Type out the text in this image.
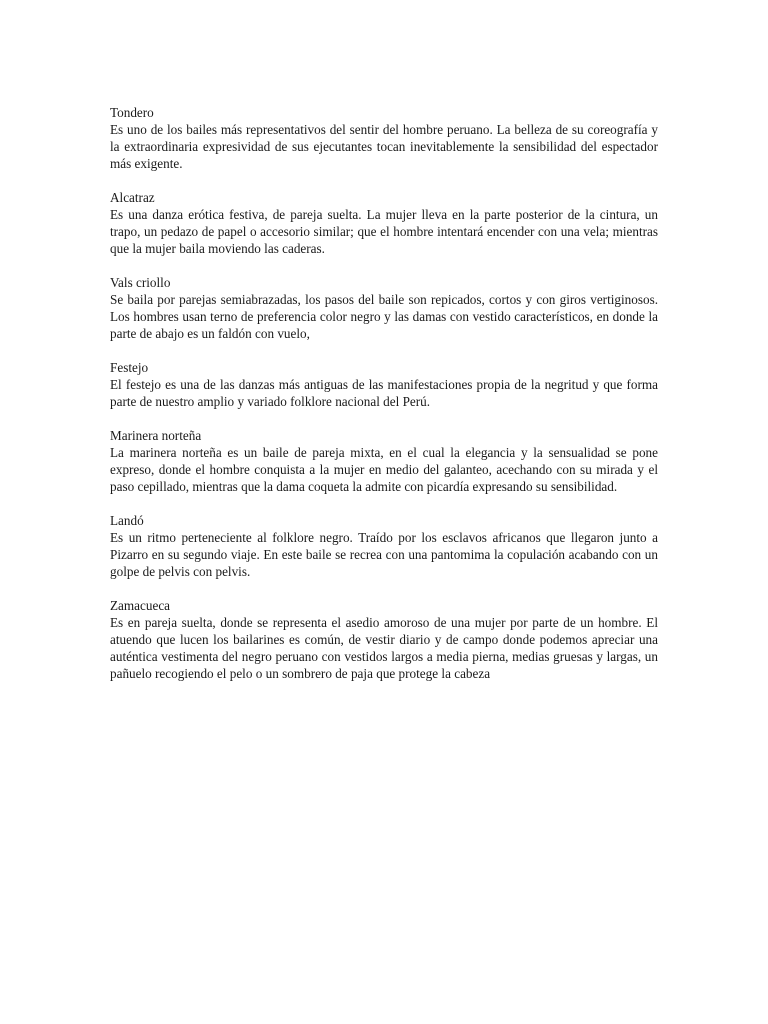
Tondero
Es uno de los bailes más representativos del sentir del hombre peruano. La belleza de su coreografía y la extraordinaria expresividad de sus ejecutantes tocan inevitablemente la sensibilidad del espectador más exigente.
Alcatraz
Es una danza erótica festiva, de pareja suelta. La mujer lleva en la parte posterior de la cintura, un trapo, un pedazo de papel o accesorio similar; que el hombre intentará encender con una vela; mientras que la mujer baila moviendo las caderas.
Vals criollo
Se baila por parejas semiabrazadas, los pasos del baile son repicados, cortos y con giros vertiginosos. Los hombres usan terno de preferencia color negro y las damas con vestido característicos, en donde la parte de abajo es un faldón con vuelo,
Festejo
El festejo es una de las danzas más antiguas de las manifestaciones propia de la negritud y que forma parte de nuestro amplio y variado folklore nacional del Perú.
Marinera norteña
La marinera norteña es un baile de pareja mixta, en el cual la elegancia y la sensualidad se pone expreso, donde el hombre conquista a la mujer en medio del galanteo, acechando con su mirada y el paso cepillado, mientras que la dama coqueta la admite con picardía expresando su sensibilidad.
Landó
Es un ritmo perteneciente al folklore negro. Traído por los esclavos africanos que llegaron junto a Pizarro en su segundo viaje. En este baile se recrea con una pantomima la copulación acabando con un golpe de pelvis con pelvis.
Zamacueca
Es en pareja suelta, donde se representa el asedio amoroso de una mujer por parte de un hombre. El atuendo que lucen los bailarines es común, de vestir diario y de campo donde podemos apreciar una auténtica vestimenta del negro peruano con vestidos largos a media pierna, medias gruesas y largas, un pañuelo recogiendo el pelo o un sombrero de paja que protege la cabeza
